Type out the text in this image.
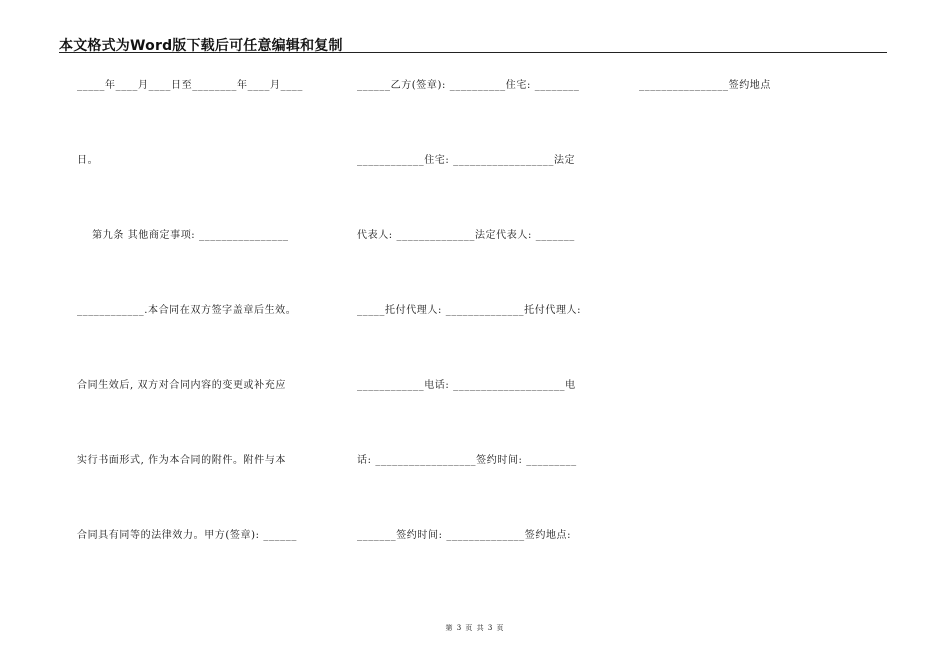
本文格式为Word版下载后可任意编辑和复制
_____年____月____日至________年____月____
日。
第九条 其他商定事项: ________________
____________.本合同在双方签字盖章后生效。
合同生效后, 双方对合同内容的变更或补充应
实行书面形式, 作为本合同的附件。附件与本
合同具有同等的法律效力。甲方(签章): ______
______乙方(签章): __________住宅: ________
____________住宅: __________________法定
代表人: ______________法定代表人: _______
_____托付代理人: ______________托付代理人:
____________电话: ____________________电
话: __________________签约时间: _________
_______签约时间: ______________签约地点:
________________签约地点
第 3 页 共 3 页
